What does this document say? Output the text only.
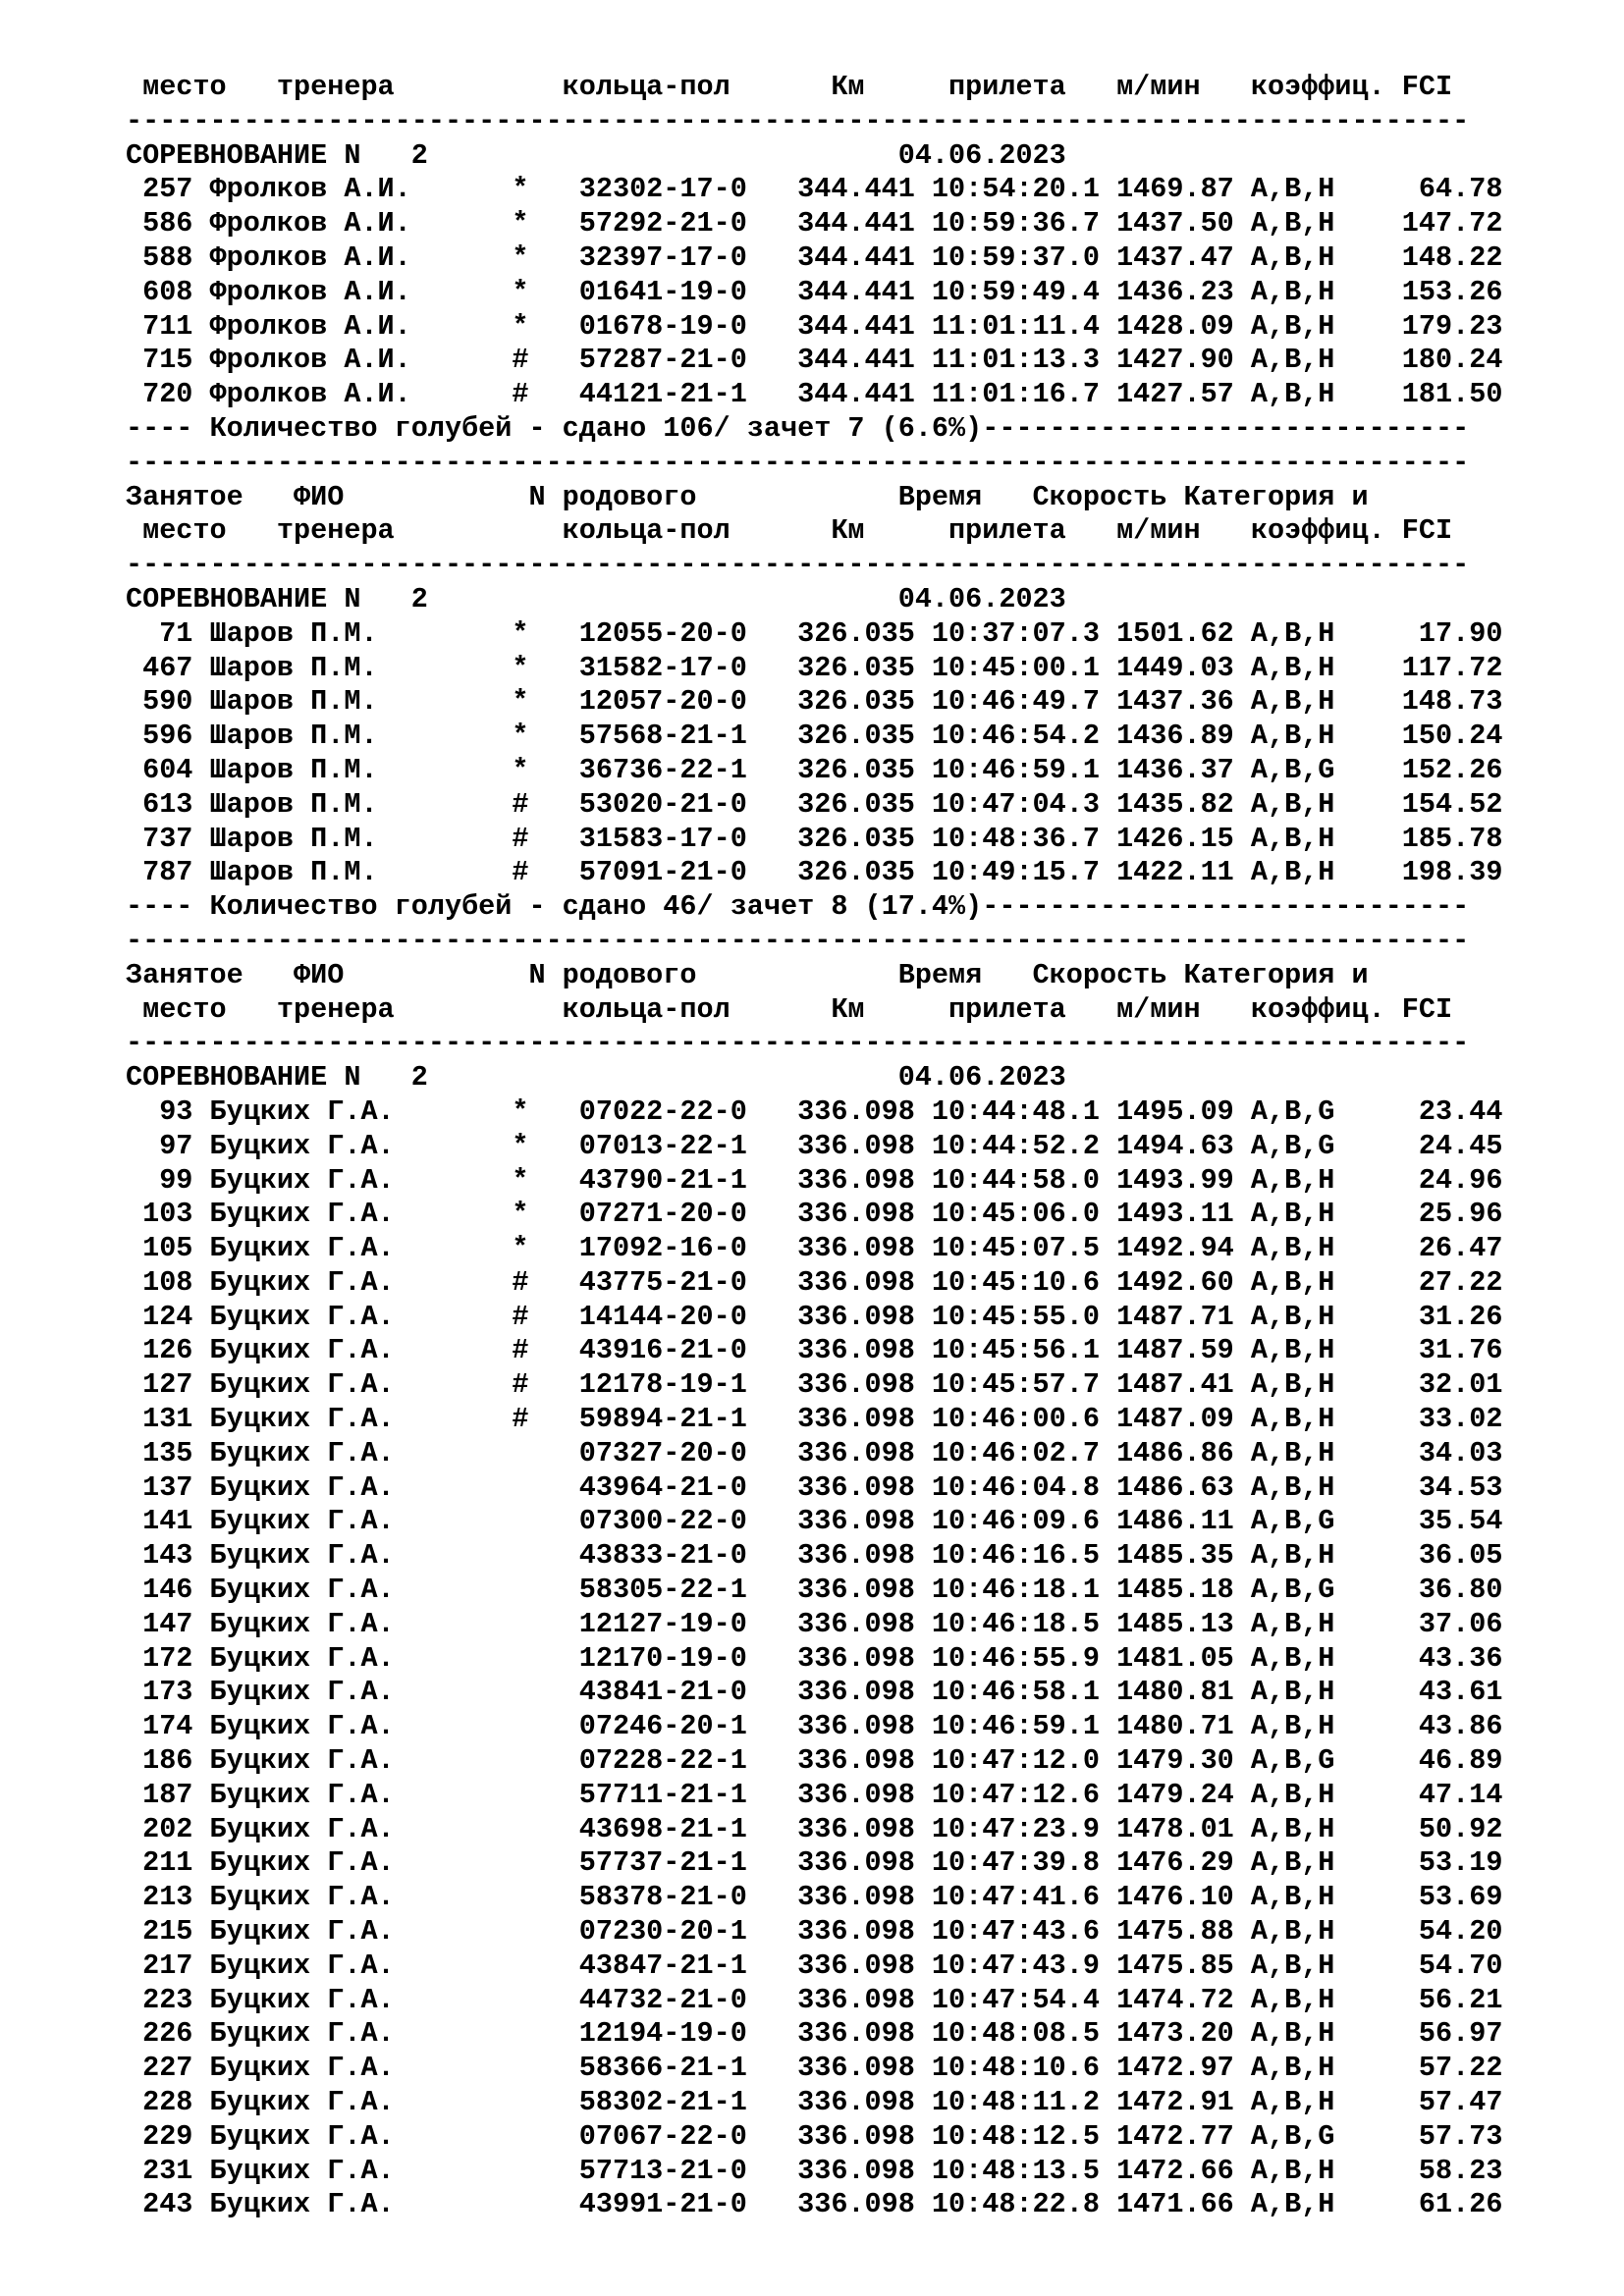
место   тренера          кольца-пол      Км     прилета   м/мин   коэффиц. FCI
--------------------------------------------------------------------------------
СОРЕВНОВАНИЕ N   2                            04.06.2023
257 Фролков А.И.      *   32302-17-0   344.441 10:54:20.1 1469.87 A,B,H     64.78
586 Фролков А.И.      *   57292-21-0   344.441 10:59:36.7 1437.50 A,B,H    147.72
588 Фролков А.И.      *   32397-17-0   344.441 10:59:37.0 1437.47 A,B,H    148.22
608 Фролков А.И.      *   01641-19-0   344.441 10:59:49.4 1436.23 A,B,H    153.26
711 Фролков А.И.      *   01678-19-0   344.441 11:01:11.4 1428.09 A,B,H    179.23
715 Фролков А.И.      #   57287-21-0   344.441 11:01:13.3 1427.90 A,B,H    180.24
720 Фролков А.И.      #   44121-21-1   344.441 11:01:16.7 1427.57 A,B,H    181.50
---- Количество голубей - сдано 106/ зачет 7 (6.6%)-----------------------------
--------------------------------------------------------------------------------
Занятое   ФИО           N родового            Время   Скорость Категория и
место   тренера          кольца-пол      Км     прилета   м/мин   коэффиц. FCI
--------------------------------------------------------------------------------
СОРЕВНОВАНИЕ N   2                            04.06.2023
71 Шаров П.М.        *   12055-20-0   326.035 10:37:07.3 1501.62 A,B,H     17.90
467 Шаров П.М.        *   31582-17-0   326.035 10:45:00.1 1449.03 A,B,H    117.72
590 Шаров П.М.        *   12057-20-0   326.035 10:46:49.7 1437.36 A,B,H    148.73
596 Шаров П.М.        *   57568-21-1   326.035 10:46:54.2 1436.89 A,B,H    150.24
604 Шаров П.М.        *   36736-22-1   326.035 10:46:59.1 1436.37 A,B,G    152.26
613 Шаров П.М.        #   53020-21-0   326.035 10:47:04.3 1435.82 A,B,H    154.52
737 Шаров П.М.        #   31583-17-0   326.035 10:48:36.7 1426.15 A,B,H    185.78
787 Шаров П.М.        #   57091-21-0   326.035 10:49:15.7 1422.11 A,B,H    198.39
---- Количество голубей - сдано 46/ зачет 8 (17.4%)-----------------------------
--------------------------------------------------------------------------------
Занятое   ФИО           N родового            Время   Скорость Категория и
место   тренера          кольца-пол      Км     прилета   м/мин   коэффиц. FCI
--------------------------------------------------------------------------------
СОРЕВНОВАНИЕ N   2                            04.06.2023
93 Буцких Г.А.       *   07022-22-0   336.098 10:44:48.1 1495.09 A,B,G     23.44
97 Буцких Г.А.       *   07013-22-1   336.098 10:44:52.2 1494.63 A,B,G     24.45
99 Буцких Г.А.       *   43790-21-1   336.098 10:44:58.0 1493.99 A,B,H     24.96
103 Буцких Г.А.       *   07271-20-0   336.098 10:45:06.0 1493.11 A,B,H     25.96
105 Буцких Г.А.       *   17092-16-0   336.098 10:45:07.5 1492.94 A,B,H     26.47
108 Буцких Г.А.       #   43775-21-0   336.098 10:45:10.6 1492.60 A,B,H     27.22
124 Буцких Г.А.       #   14144-20-0   336.098 10:45:55.0 1487.71 A,B,H     31.26
126 Буцких Г.А.       #   43916-21-0   336.098 10:45:56.1 1487.59 A,B,H     31.76
127 Буцких Г.А.       #   12178-19-1   336.098 10:45:57.7 1487.41 A,B,H     32.01
131 Буцких Г.А.       #   59894-21-1   336.098 10:46:00.6 1487.09 A,B,H     33.02
135 Буцких Г.А.           07327-20-0   336.098 10:46:02.7 1486.86 A,B,H     34.03
137 Буцких Г.А.           43964-21-0   336.098 10:46:04.8 1486.63 A,B,H     34.53
141 Буцких Г.А.           07300-22-0   336.098 10:46:09.6 1486.11 A,B,G     35.54
143 Буцких Г.А.           43833-21-0   336.098 10:46:16.5 1485.35 A,B,H     36.05
146 Буцких Г.А.           58305-22-1   336.098 10:46:18.1 1485.18 A,B,G     36.80
147 Буцких Г.А.           12127-19-0   336.098 10:46:18.5 1485.13 A,B,H     37.06
172 Буцких Г.А.           12170-19-0   336.098 10:46:55.9 1481.05 A,B,H     43.36
173 Буцких Г.А.           43841-21-0   336.098 10:46:58.1 1480.81 A,B,H     43.61
174 Буцких Г.А.           07246-20-1   336.098 10:46:59.1 1480.71 A,B,H     43.86
186 Буцких Г.А.           07228-22-1   336.098 10:47:12.0 1479.30 A,B,G     46.89
187 Буцких Г.А.           57711-21-1   336.098 10:47:12.6 1479.24 A,B,H     47.14
202 Буцких Г.А.           43698-21-1   336.098 10:47:23.9 1478.01 A,B,H     50.92
211 Буцких Г.А.           57737-21-1   336.098 10:47:39.8 1476.29 A,B,H     53.19
213 Буцких Г.А.           58378-21-0   336.098 10:47:41.6 1476.10 A,B,H     53.69
215 Буцких Г.А.           07230-20-1   336.098 10:47:43.6 1475.88 A,B,H     54.20
217 Буцких Г.А.           43847-21-1   336.098 10:47:43.9 1475.85 A,B,H     54.70
223 Буцких Г.А.           44732-21-0   336.098 10:47:54.4 1474.72 A,B,H     56.21
226 Буцких Г.А.           12194-19-0   336.098 10:48:08.5 1473.20 A,B,H     56.97
227 Буцких Г.А.           58366-21-1   336.098 10:48:10.6 1472.97 A,B,H     57.22
228 Буцких Г.А.           58302-21-1   336.098 10:48:11.2 1472.91 A,B,H     57.47
229 Буцких Г.А.           07067-22-0   336.098 10:48:12.5 1472.77 A,B,G     57.73
231 Буцких Г.А.           57713-21-0   336.098 10:48:13.5 1472.66 A,B,H     58.23
243 Буцких Г.А.           43991-21-0   336.098 10:48:22.8 1471.66 A,B,H     61.26
